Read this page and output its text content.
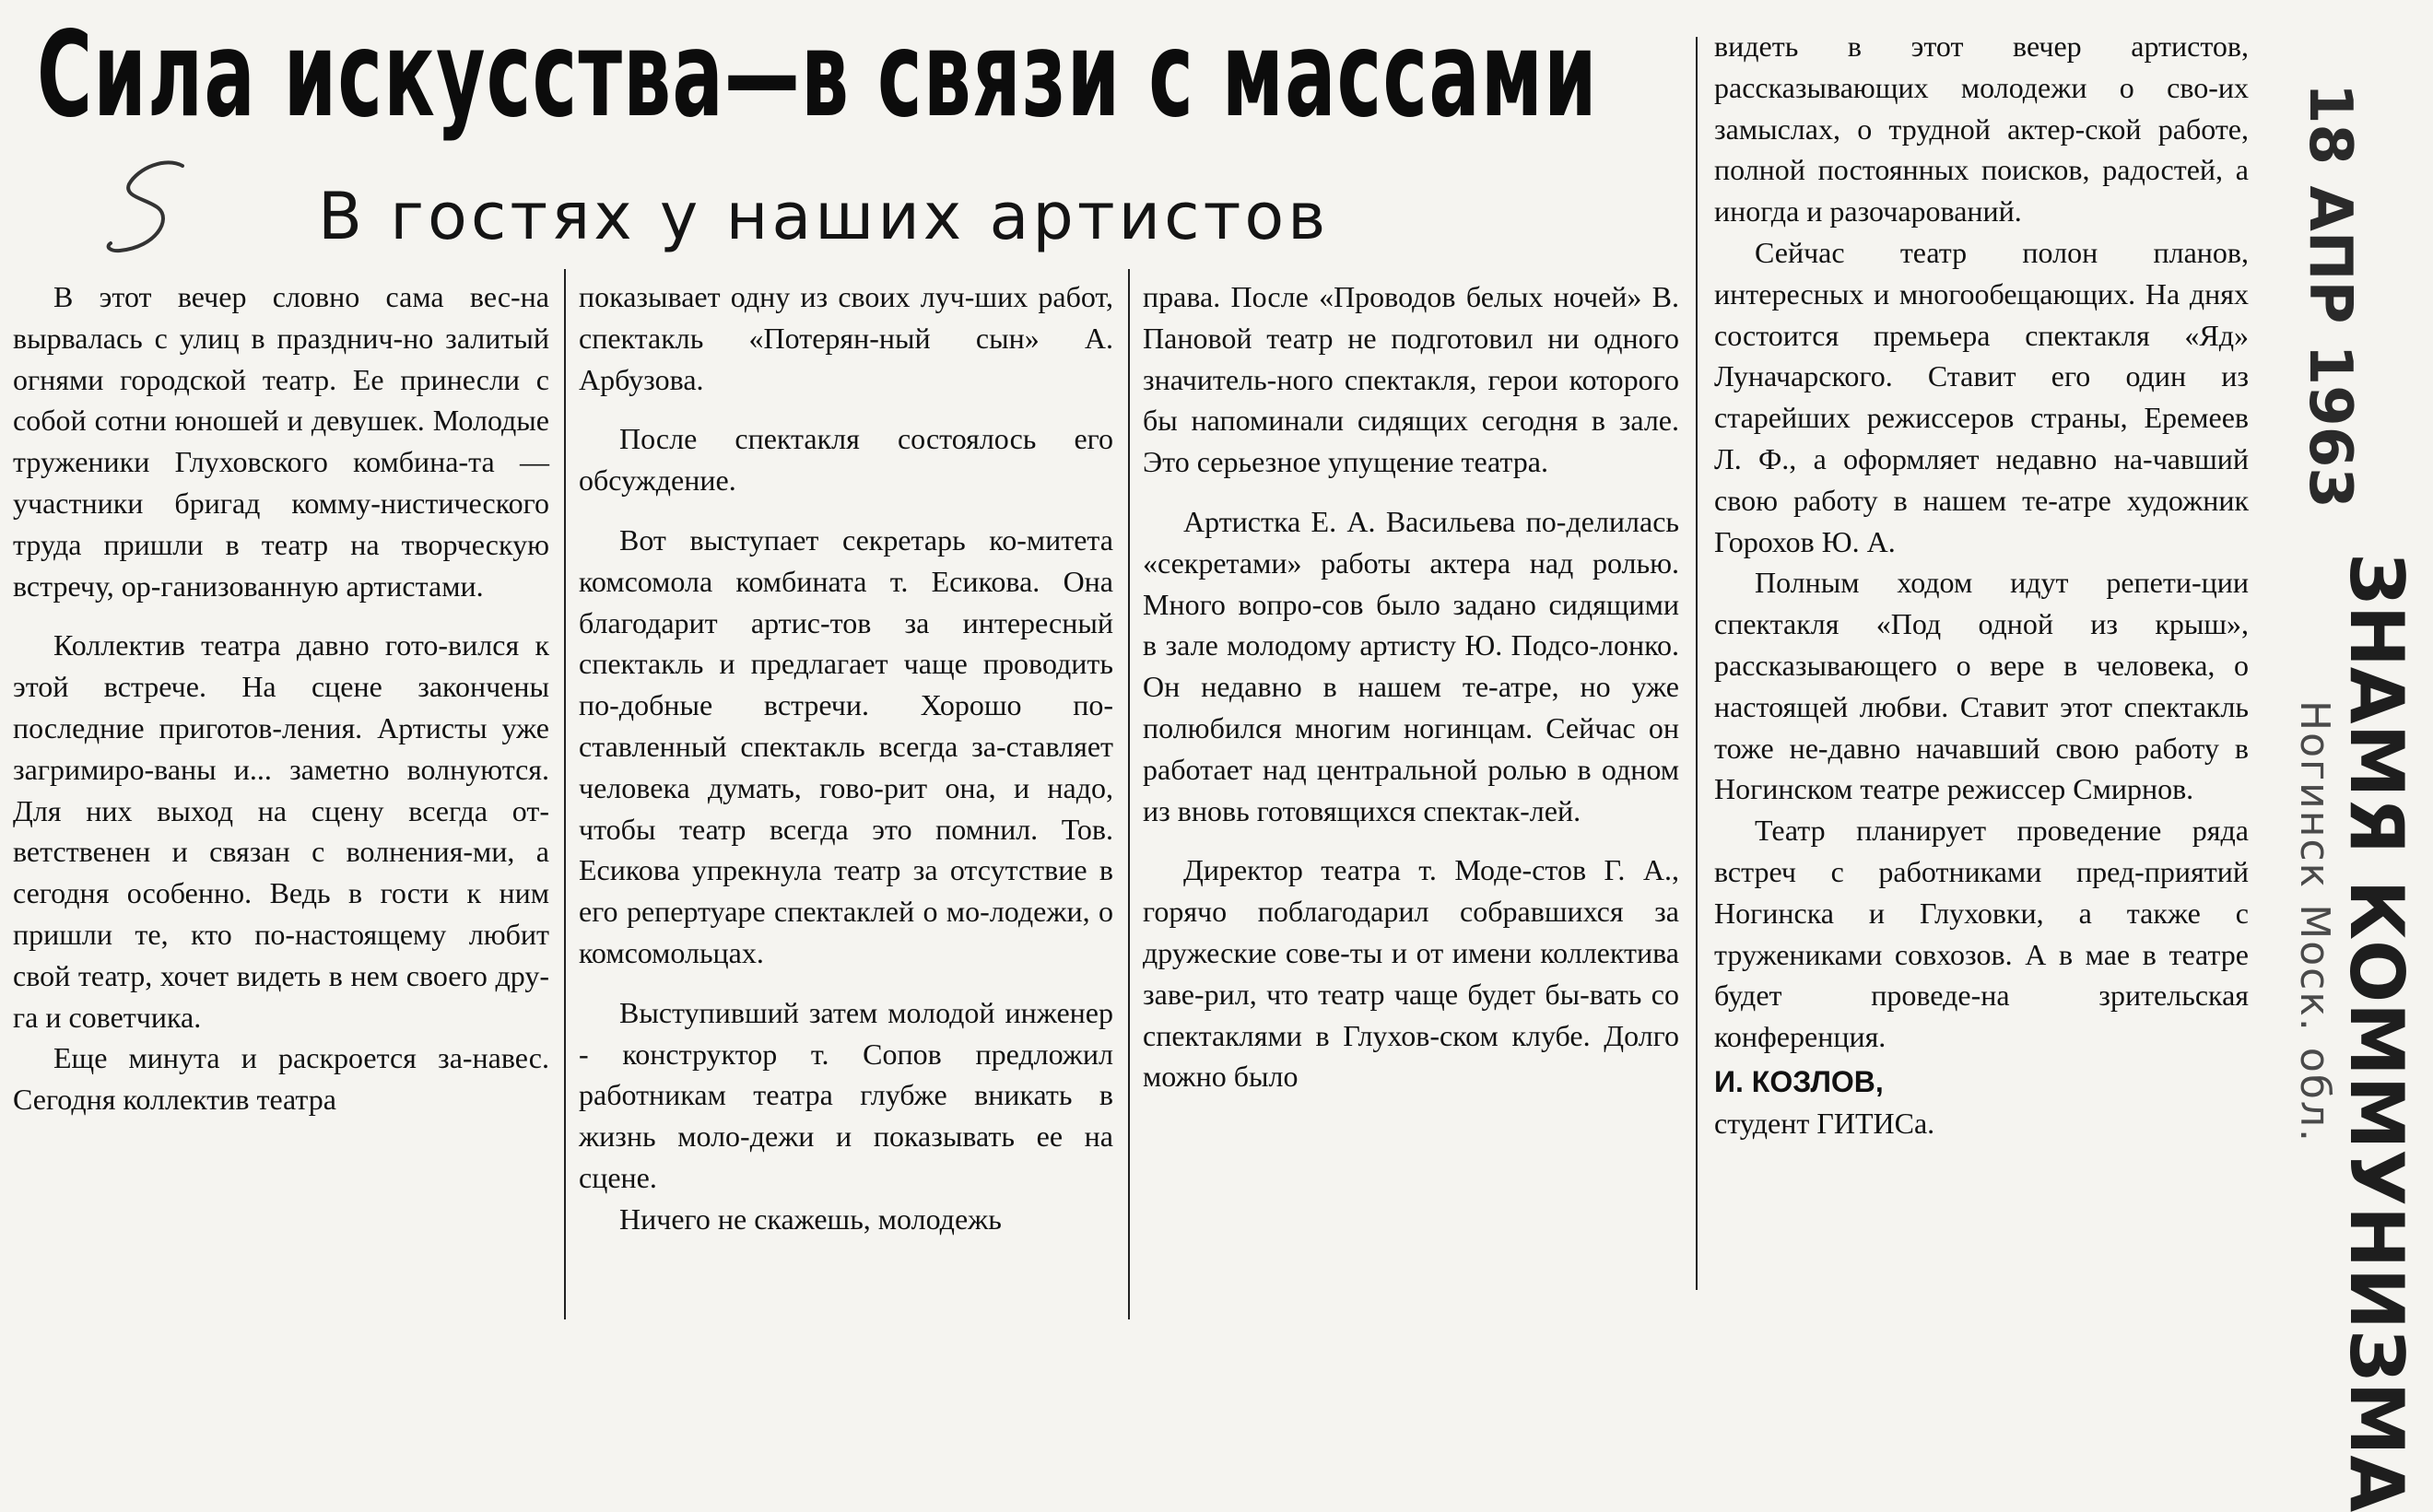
Сила искусства—в связи с массами
В гостях у наших артистов

В этот вечер словно сама вес-на вырвалась с улиц в празднич-но залитый огнями городской театр. Ее принесли с собой сотни юношей и девушек. Молодые труженики Глуховского комбина-та — участники бригад комму-нистического труда пришли в театр на творческую встречу, ор-ганизованную артистами.

Коллектив театра давно гото-вился к этой встрече. На сцене закончены последние приготов-ления. Артисты уже загримиро-ваны и... заметно волнуются. Для них выход на сцену всегда от-ветственен и связан с волнения-ми, а сегодня особенно. Ведь в гости к ним пришли те, кто по-настоящему любит свой театр, хочет видеть в нем своего дру-га и советчика.

Еще минута и раскроется за-навес. Сегодня коллектив театра

показывает одну из своих луч-ших работ, спектакль «Потерян-ный сын» А. Арбузова.

После спектакля состоялось его обсуждение.

Вот выступает секретарь ко-митета комсомола комбината т. Есикова. Она благодарит артис-тов за интересный спектакль и предлагает чаще проводить по-добные встречи. Хорошо по-ставленный спектакль всегда за-ставляет человека думать, гово-рит она, и надо, чтобы театр всегда это помнил. Тов. Есикова упрекнула театр за отсутствие в его репертуаре спектаклей о мо-лодежи, о комсомольцах.

Выступивший затем молодой инженер - конструктор т. Сопов предложил работникам театра глубже вникать в жизнь моло-дежи и показывать ее на сцене.

Ничего не скажешь, молодежь

права. После «Проводов белых ночей» В. Пановой театр не подготовил ни одного значитель-ного спектакля, герои которого бы напоминали сидящих сегодня в зале. Это серьезное упущение театра.

Артистка Е. А. Васильева по-делилась «секретами» работы актера над ролью. Много вопро-сов было задано сидящими в зале молодому артисту Ю. Подсо-лонко. Он недавно в нашем те-атре, но уже полюбился многим ногинцам. Сейчас он работает над центральной ролью в одном из вновь готовящихся спектак-лей.

Директор театра т. Моде-стов Г. А., горячо поблагодарил собравшихся за дружеские сове-ты и от имени коллектива заве-рил, что театр чаще будет бы-вать со спектаклями в Глухов-ском клубе. Долго можно было

видеть в этот вечер артистов, рассказывающих молодежи о сво-их замыслах, о трудной актер-ской работе, полной постоянных поисков, радостей, а иногда и разочарований.

Сейчас театр полон планов, интересных и многообещающих. На днях состоится премьера спектакля «Яд» Луначарского. Ставит его один из старейших режиссеров страны, Еремеев Л. Ф., а оформляет недавно на-чавший свою работу в нашем те-атре художник Горохов Ю. А.

Полным ходом идут репети-ции спектакля «Под одной из крыш», рассказывающего о вере в человека, о настоящей любви. Ставит этот спектакль тоже не-давно начавший свою работу в Ногинском театре режиссер Смирнов.

Театр планирует проведение ряда встреч с работниками пред-приятий Ногинска и Глуховки, а также с тружениками совхозов. А в мае в театре будет проведе-на зрительская конференция.

И. КОЗЛОВ,
студент ГИТИСа.
18 АПР 1963
ЗНАМЯ КОММУНИЗМА
Ногинск Моск. обл.
